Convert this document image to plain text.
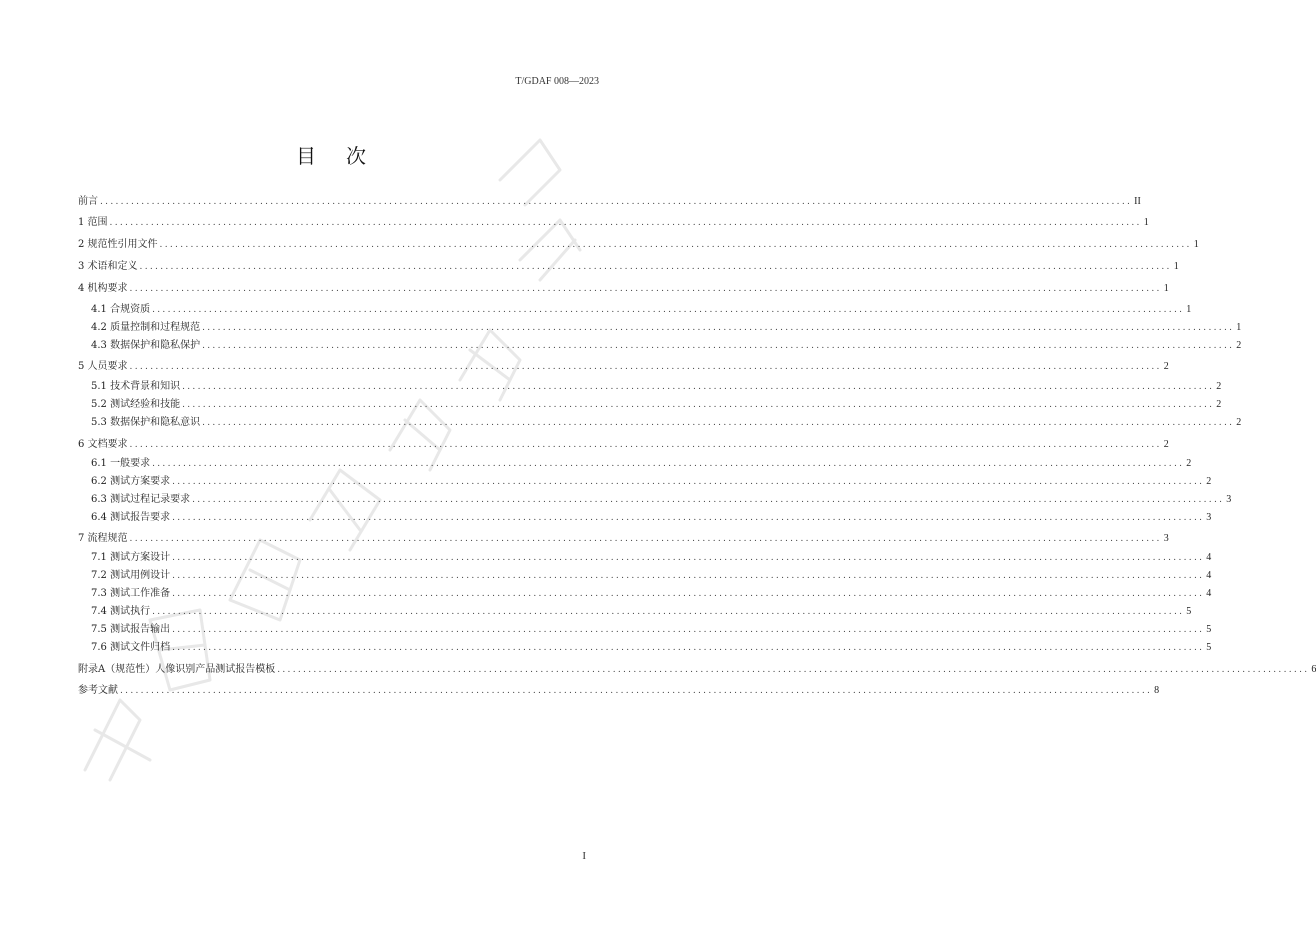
T/GDAF 008—2023
目次
前言 ........................................................................................................................................................................................................ II
1 范围 ........................................................................................................................................................................................................ 1
2 规范性引用文件 ........................................................................................................................................................................................................ 1
3 术语和定义 ........................................................................................................................................................................................................ 1
4 机构要求 ........................................................................................................................................................................................................ 1
4.1 合规资质 ........................................................................................................................................................................................................ 1
4.2 质量控制和过程规范 ........................................................................................................................................................................................................ 1
4.3 数据保护和隐私保护 ........................................................................................................................................................................................................ 2
5 人员要求 ........................................................................................................................................................................................................ 2
5.1 技术背景和知识 ........................................................................................................................................................................................................ 2
5.2 测试经验和技能 ........................................................................................................................................................................................................ 2
5.3 数据保护和隐私意识 ........................................................................................................................................................................................................ 2
6 文档要求 ........................................................................................................................................................................................................ 2
6.1 一般要求 ........................................................................................................................................................................................................ 2
6.2 测试方案要求 ........................................................................................................................................................................................................ 2
6.3 测试过程记录要求 ........................................................................................................................................................................................................ 3
6.4 测试报告要求 ........................................................................................................................................................................................................ 3
7 流程规范 ........................................................................................................................................................................................................ 3
7.1 测试方案设计 ........................................................................................................................................................................................................ 4
7.2 测试用例设计 ........................................................................................................................................................................................................ 4
7.3 测试工作准备 ........................................................................................................................................................................................................ 4
7.4 测试执行 ........................................................................................................................................................................................................ 5
7.5 测试报告输出 ........................................................................................................................................................................................................ 5
7.6 测试文件归档 ........................................................................................................................................................................................................ 5
附录A（规范性）人像识别产品测试报告模板 ........................................................................................................................................................................................................ 6
参考文献 ........................................................................................................................................................................................................ 8
I
